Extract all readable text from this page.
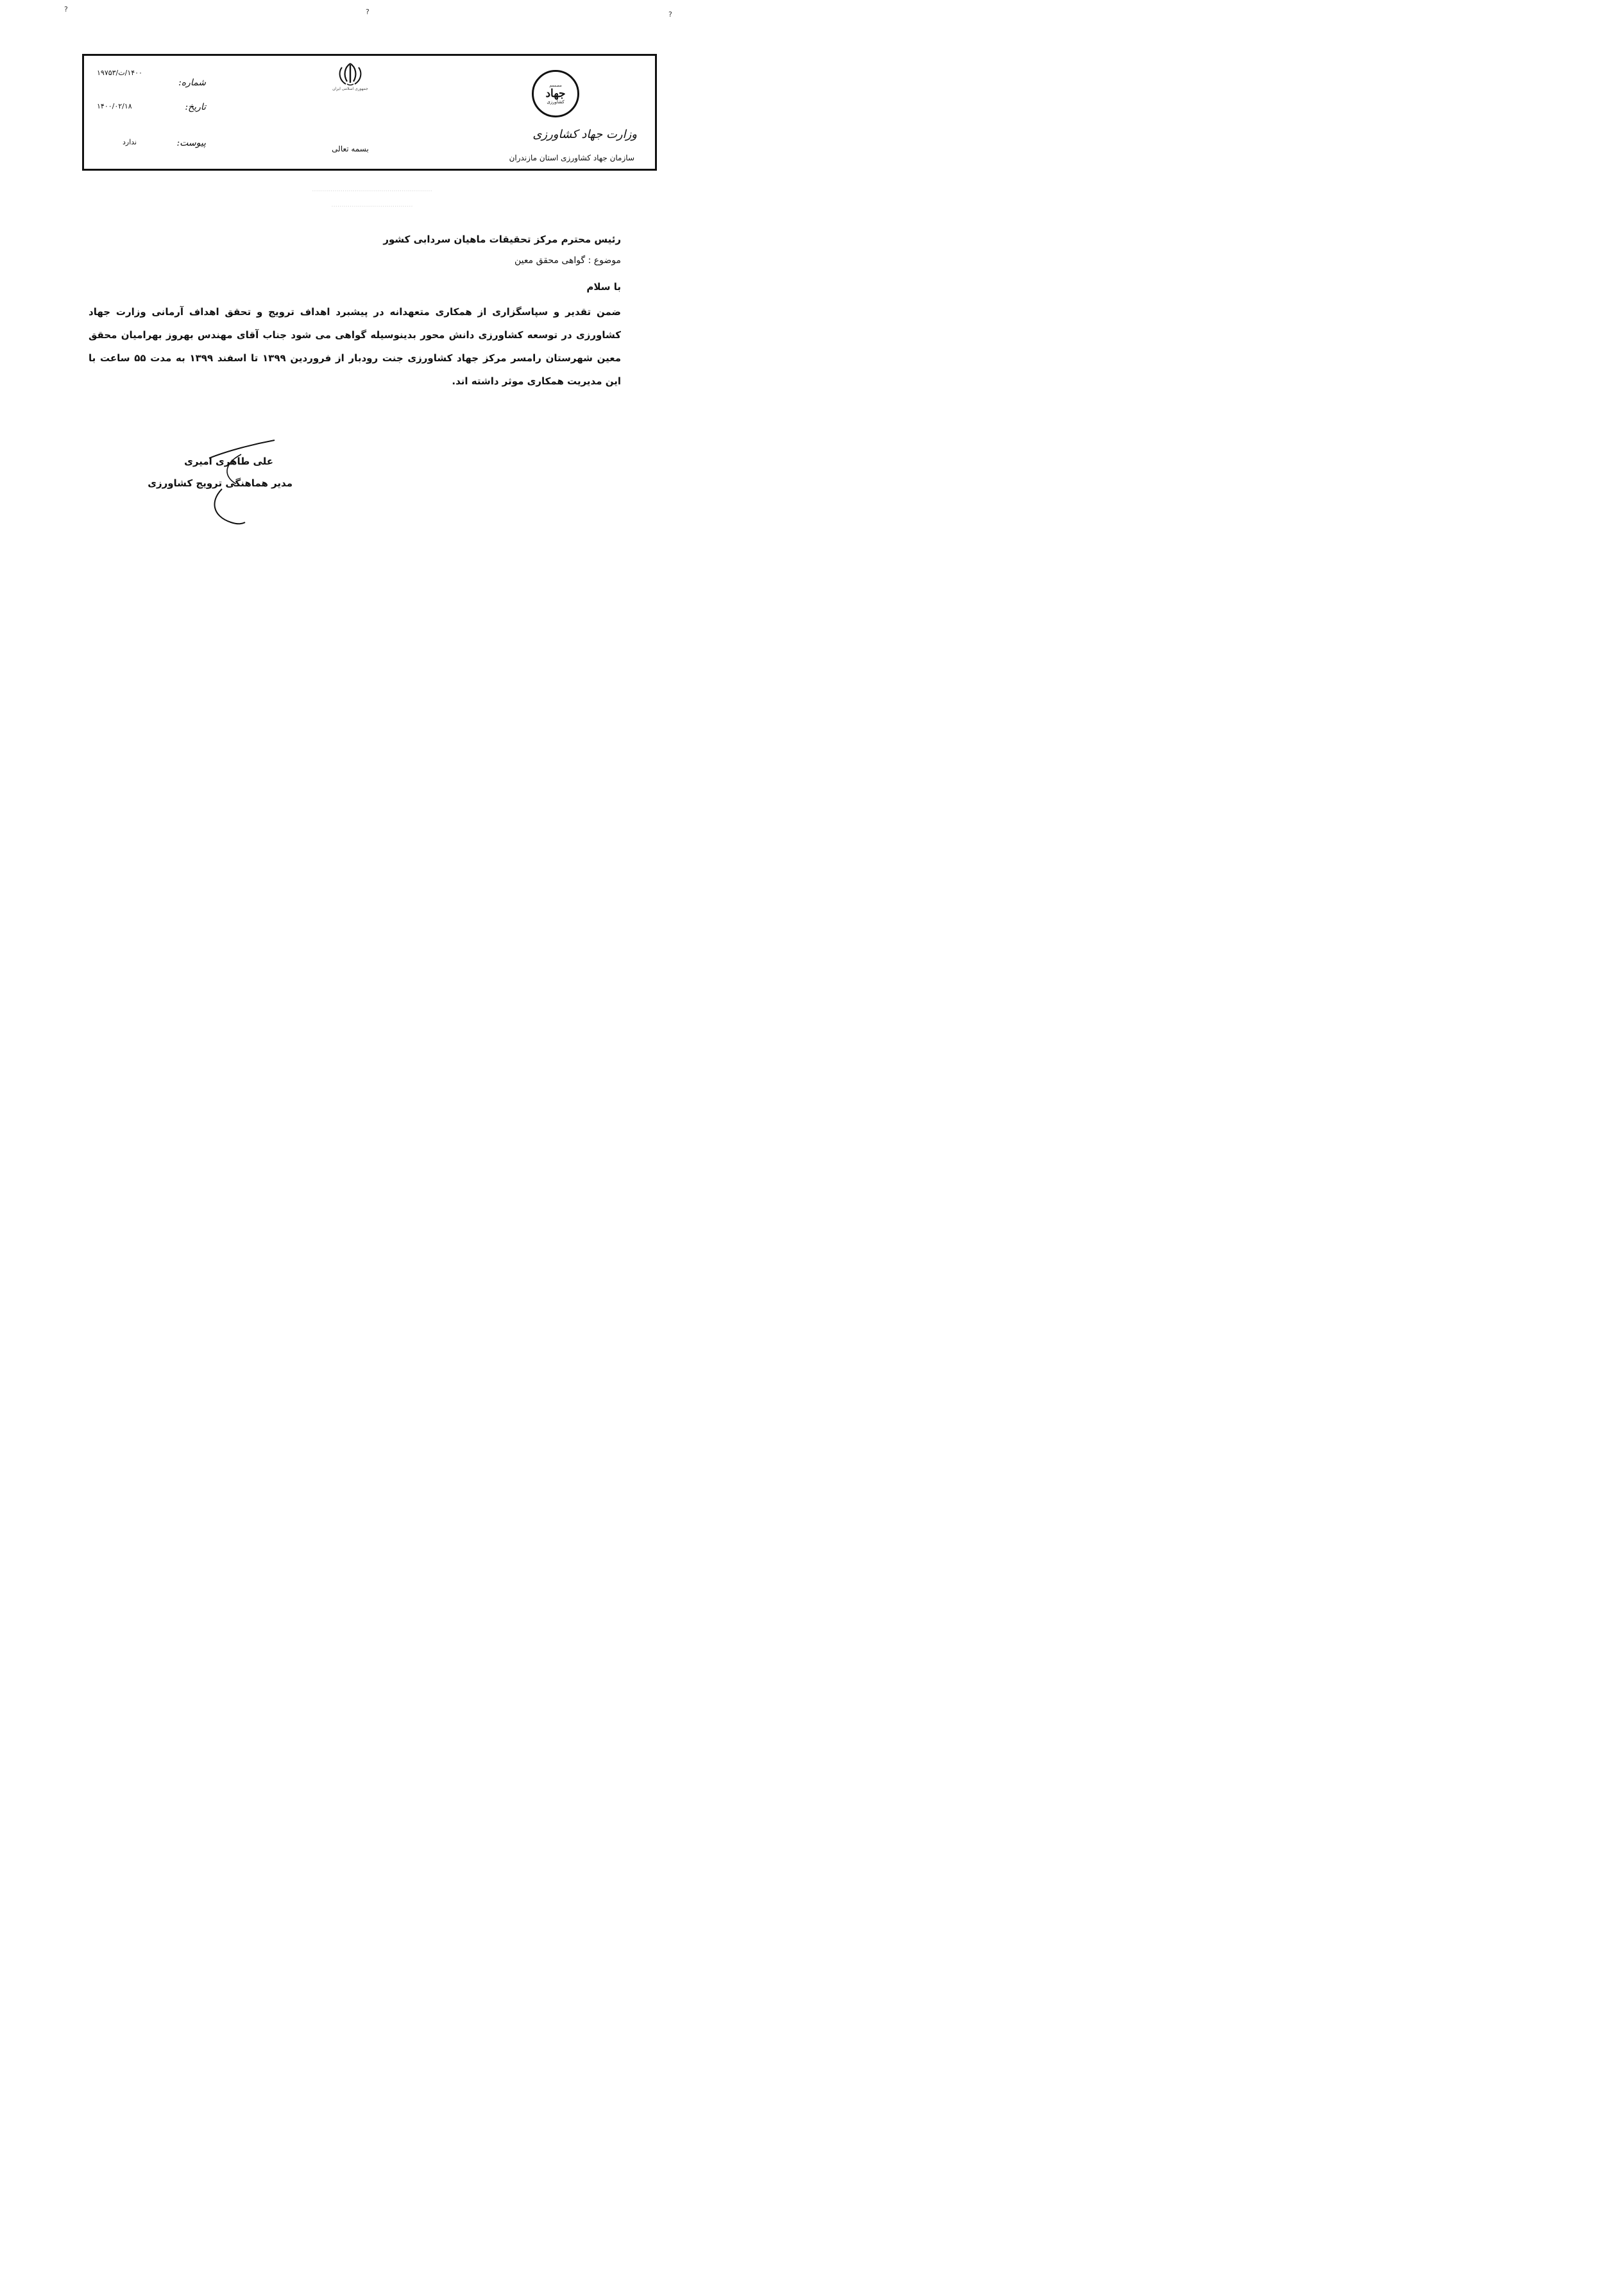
?	?	?
مصممم
جهاد
کشاورزی
وزارت جهاد کشاورزی
سازمان جهاد کشاورزی استان مازندران
جمهوری اسلامی ایران
بسمه تعالی
شماره:
۱۴۰۰/ت/۱۹۷۵۳
تاریخ:
۱۴۰۰/۰۲/۱۸
پیوست:
ندارد
...........................................................
........................................
رئیس محترم مرکز تحقیقات ماهیان سردابی کشور
موضوع : گواهی محقق معین
با سلام
ضمن تقدیر و سپاسگزاری از همکاری متعهدانه در پیشبرد اهداف ترویج و تحقق اهداف آرمانی وزارت جهاد کشاورزی در توسعه کشاورزی دانش محور بدینوسیله گواهی می شود جناب آقای مهندس بهروز بهرامیان محقق معین شهرستان رامسر مرکز جهاد کشاورزی جنت رودبار از فروردین ۱۳۹۹ تا اسفند ۱۳۹۹ به مدت ۵۵ ساعت با این مدیریت همکاری موثر داشته اند.
علی طاهری امیری
مدیر هماهنگی ترویج کشاورزی
